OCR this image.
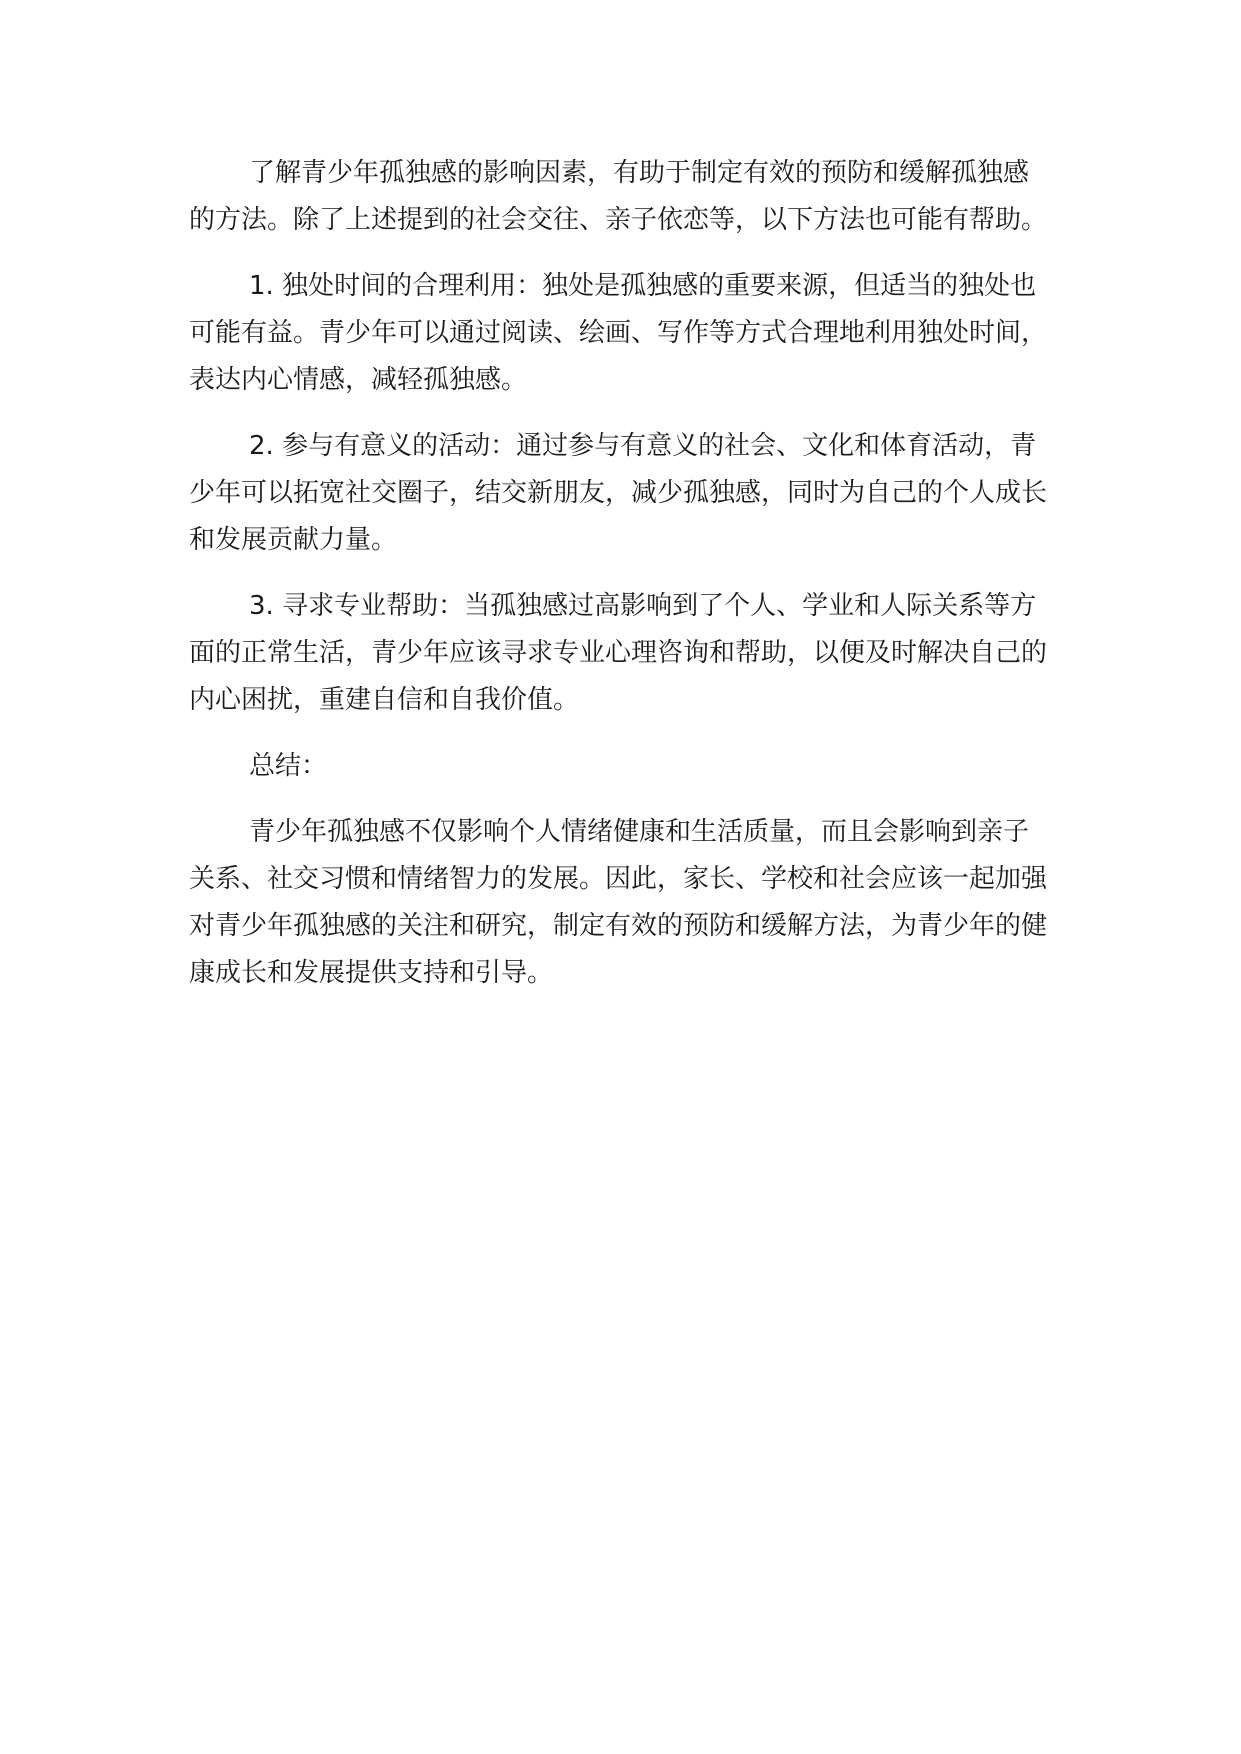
了解青少年孤独感的影响因素，有助于制定有效的预防和缓解孤独感的方法。除了上述提到的社会交往、亲子依恋等，以下方法也可能有帮助。

1. 独处时间的合理利用：独处是孤独感的重要来源，但适当的独处也可能有益。青少年可以通过阅读、绘画、写作等方式合理地利用独处时间，表达内心情感，减轻孤独感。

2. 参与有意义的活动：通过参与有意义的社会、文化和体育活动，青少年可以拓宽社交圈子，结交新朋友，减少孤独感，同时为自己的个人成长和发展贡献力量。

3. 寻求专业帮助：当孤独感过高影响到了个人、学业和人际关系等方面的正常生活，青少年应该寻求专业心理咨询和帮助，以便及时解决自己的内心困扰，重建自信和自我价值。

总结：

青少年孤独感不仅影响个人情绪健康和生活质量，而且会影响到亲子关系、社交习惯和情绪智力的发展。因此，家长、学校和社会应该一起加强对青少年孤独感的关注和研究，制定有效的预防和缓解方法，为青少年的健康成长和发展提供支持和引导。
